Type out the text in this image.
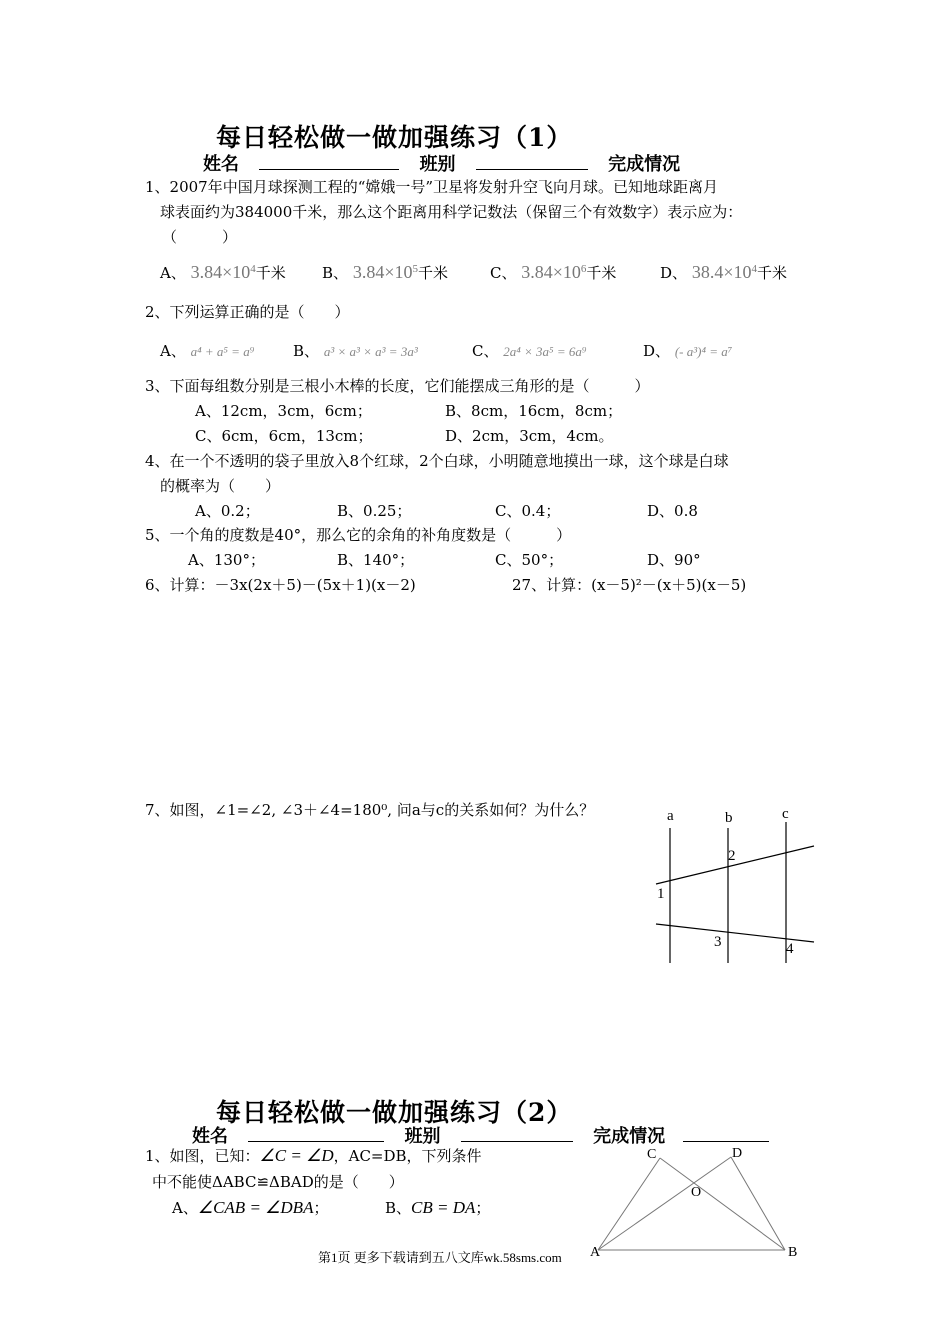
每日轻松做一做加强练习（1）
姓名	班别	完成情况
1、2007年中国月球探测工程的“嫦娥一号”卫星将发射升空飞向月球。已知地球距离月
球表面约为384000千米，那么这个距离用科学记数法（保留三个有效数字）表示应为：
（　　　）
A、 $3.84\times 10^4$千米 B、 $3.84\times 10^5$千米	C、 $3.84\times 10^6$千米	D、 $38.4\times 10^4$千米
2、下列运算正确的是（　　）
A、 a⁴ + a⁵ = a⁹	B、 a³ × a³ × a³ = 3a³	C、 2a⁴ × 3a⁵ = 6a⁹	D、 (- a³)⁴ = a⁷
3、下面每组数分别是三根小木棒的长度，它们能摆成三角形的是（　　　）
A、12cm，3cm，6cm；	B、8cm，16cm，8cm；
C、6cm，6cm，13cm；	D、2cm，3cm，4cm。
4、在一个不透明的袋子里放入8个红球，2个白球，小明随意地摸出一球，这个球是白球
的概率为（　　）
A、0.2；	B、0.25；	C、0.4；	D、0.8
5、一个角的度数是40°，那么它的余角的补角度数是（　　　）
A、130°；	B、140°；	C、50°；	D、90°
6、计算：－3x(2x＋5)－(5x＋1)(x－2)	27、计算：(x－5)²－(x＋5)(x－5)
7、如图，∠1=∠2, ∠3＋∠4=180⁰, 问a与c的关系如何？为什么？	a	b	c
1
2
3	4
每日轻松做一做加强练习（2）
姓名	班别	完成情况
1、如图，已知：∠C = ∠D，AC=DB，下列条件
中不能使ΔABC≌ΔBAD的是（　　）
A、∠CAB = ∠DBA；	B、CB = DA；
C	D
O
A	B
第1页 更多下载请到五八文库wk.58sms.com
